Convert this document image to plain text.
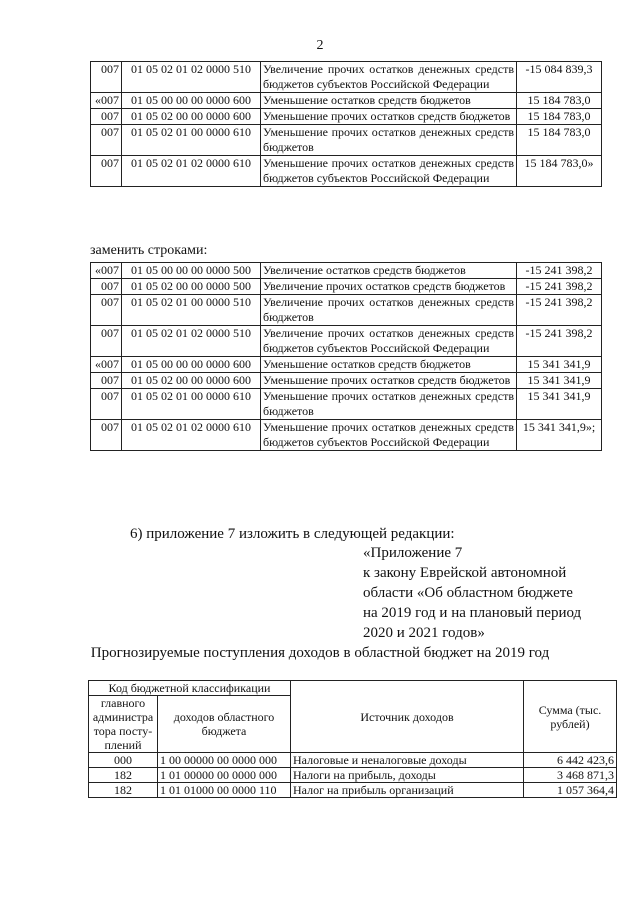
2
007	01 05 02 01 02 0000 510	Увеличение прочих остатков денежных средств бюджетов субъектов Российской Федерации	-15 084 839,3
«007	01 05 00 00 00 0000 600	Уменьшение остатков средств бюджетов	15 184 783,0
007	01 05 02 00 00 0000 600	Уменьшение прочих остатков средств бюджетов	15 184 783,0
007	01 05 02 01 00 0000 610	Уменьшение прочих остатков денежных средств бюджетов	15 184 783,0
007	01 05 02 01 02 0000 610	Уменьшение прочих остатков денежных средств бюджетов субъектов Российской Федерации	15 184 783,0»
заменить строками:
«007	01 05 00 00 00 0000 500	Увеличение остатков средств бюджетов	-15 241 398,2
007	01 05 02 00 00 0000 500	Увеличение прочих остатков средств бюджетов	-15 241 398,2
007	01 05 02 01 00 0000 510	Увеличение прочих остатков денежных средств бюджетов	-15 241 398,2
007	01 05 02 01 02 0000 510	Увеличение прочих остатков денежных средств бюджетов субъектов Российской Федерации	-15 241 398,2
«007	01 05 00 00 00 0000 600	Уменьшение остатков средств бюджетов	15 341 341,9
007	01 05 02 00 00 0000 600	Уменьшение прочих остатков средств бюджетов	15 341 341,9
007	01 05 02 01 00 0000 610	Уменьшение прочих остатков денежных средств бюджетов	15 341 341,9
007	01 05 02 01 02 0000 610	Уменьшение прочих остатков денежных средств бюджетов субъектов Российской Федерации	15 341 341,9»;
6) приложение 7 изложить в следующей редакции:
«Приложение 7
к закону Еврейской автономной
области «Об областном бюджете
на 2019 год и на плановый период
2020 и 2021 годов»
Прогнозируемые поступления доходов в областной бюджет на 2019 год
Код бюджетной классификации		Источник доходов	Сумма (тыс. рублей)
главного администра тора посту- плений	доходов областного бюджета		
000	1 00 00000 00 0000 000	Налоговые и неналоговые доходы	6 442 423,6
182	1 01 00000 00 0000 000	Налоги на прибыль, доходы	3 468 871,3
182	1 01 01000 00 0000 110	Налог на прибыль организаций	1 057 364,4
